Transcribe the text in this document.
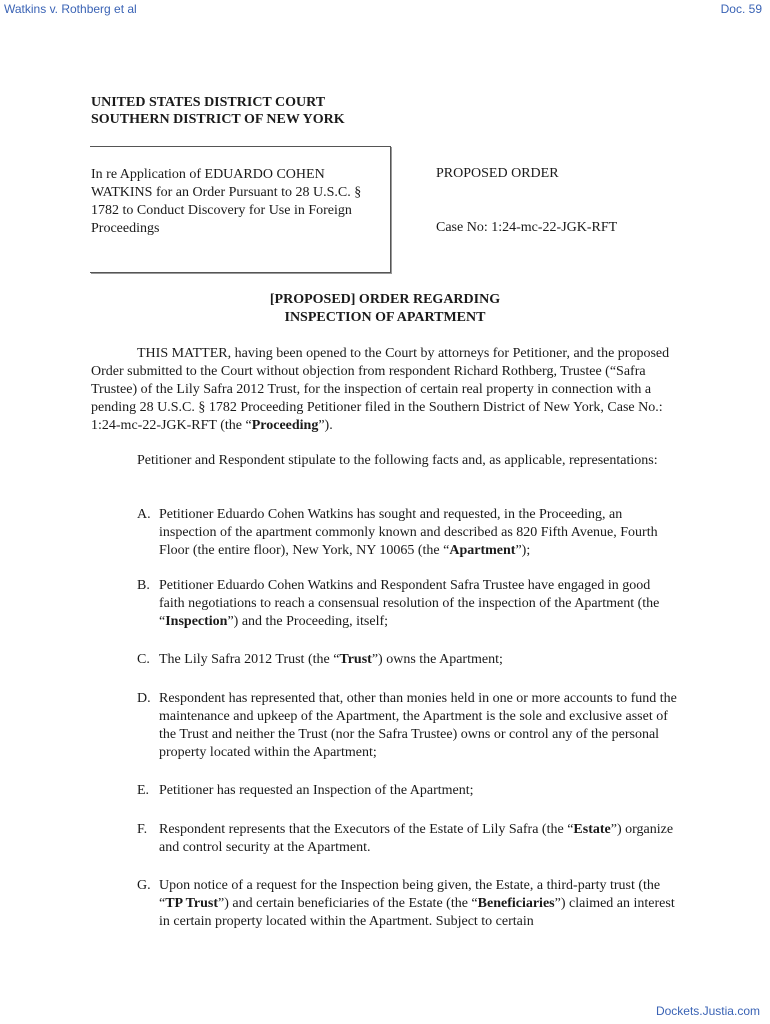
Watkins v. Rothberg et al	Doc. 59
UNITED STATES DISTRICT COURT
SOUTHERN DISTRICT OF NEW YORK
In re Application of EDUARDO COHEN WATKINS for an Order Pursuant to 28 U.S.C. § 1782 to Conduct Discovery for Use in Foreign Proceedings
PROPOSED ORDER
Case No: 1:24-mc-22-JGK-RFT
[PROPOSED] ORDER REGARDING
INSPECTION OF APARTMENT
THIS MATTER, having been opened to the Court by attorneys for Petitioner, and the proposed Order submitted to the Court without objection from respondent Richard Rothberg, Trustee (“Safra Trustee) of the Lily Safra 2012 Trust, for the inspection of certain real property in connection with a pending 28 U.S.C. § 1782 Proceeding Petitioner filed in the Southern District of New York, Case No.: 1:24-mc-22-JGK-RFT (the “Proceeding”).
Petitioner and Respondent stipulate to the following facts and, as applicable, representations:
A. Petitioner Eduardo Cohen Watkins has sought and requested, in the Proceeding, an inspection of the apartment commonly known and described as 820 Fifth Avenue, Fourth Floor (the entire floor), New York, NY 10065 (the “Apartment”);
B. Petitioner Eduardo Cohen Watkins and Respondent Safra Trustee have engaged in good faith negotiations to reach a consensual resolution of the inspection of the Apartment (the “Inspection”) and the Proceeding, itself;
C. The Lily Safra 2012 Trust (the “Trust”) owns the Apartment;
D. Respondent has represented that, other than monies held in one or more accounts to fund the maintenance and upkeep of the Apartment, the Apartment is the sole and exclusive asset of the Trust and neither the Trust (nor the Safra Trustee) owns or control any of the personal property located within the Apartment;
E. Petitioner has requested an Inspection of the Apartment;
F. Respondent represents that the Executors of the Estate of Lily Safra (the “Estate”) organize and control security at the Apartment.
G. Upon notice of a request for the Inspection being given, the Estate, a third-party trust (the “TP Trust”) and certain beneficiaries of the Estate (the “Beneficiaries”) claimed an interest in certain property located within the Apartment. Subject to certain
Dockets.Justia.com
